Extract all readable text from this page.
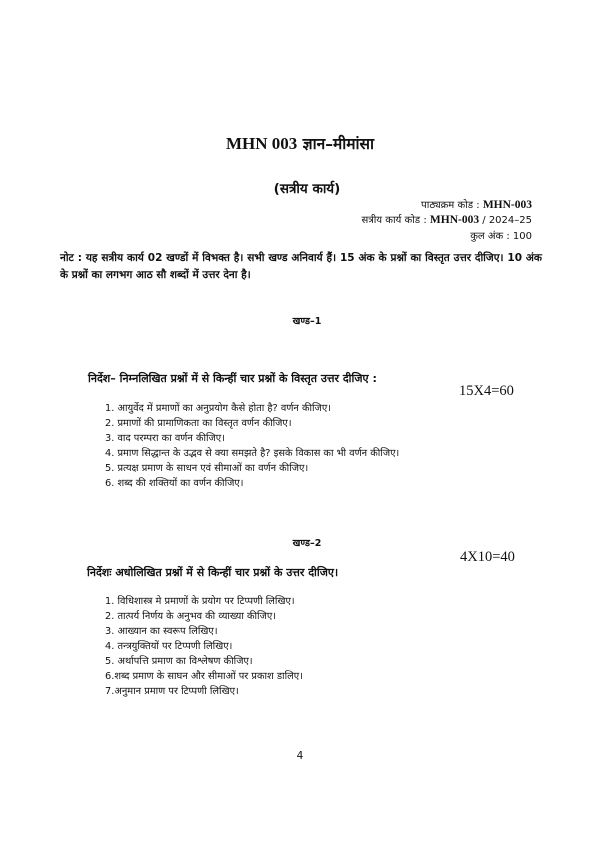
MHN 003 ज्ञान–मीमांसा
(सत्रीय कार्य)
पाठ्यक्रम कोड : MHN-003
सत्रीय कार्य कोड : MHN-003 / 2024–25
कुल अंक : 100
नोट : यह सत्रीय कार्य 02 खण्डों में विभक्त है। सभी खण्ड अनिवार्य हैं। 15 अंक के प्रश्नों का विस्तृत उत्तर दीजिए। 10 अंक के प्रश्नों का लगभग आठ सौ शब्दों में उत्तर देना है।
खण्ड–1
निर्देश– निम्नलिखित प्रश्नों में से किन्हीं चार प्रश्नों के विस्तृत उत्तर दीजिए :
15X4=60
1. आयुर्वेद में प्रमाणों का अनुप्रयोग कैसे होता है? वर्णन कीजिए।
2. प्रमाणों की प्रामाणिकता का विस्तृत वर्णन कीजिए।
3. वाद परम्परा का वर्णन कीजिए।
4. प्रमाण सिद्धान्त के उद्भव से क्या समझते है? इसके विकास का भी वर्णन कीजिए।
5. प्रत्यक्ष प्रमाण के साधन एवं सीमाओं का वर्णन कीजिए।
6. शब्द की शक्तियों का वर्णन कीजिए।
खण्ड–2
4X10=40
निर्देशः अधोलिखित प्रश्नों में से किन्हीं चार प्रश्नों के उत्तर दीजिए।
1. विधिशास्त्र मे प्रमाणों के प्रयोग पर टिप्पणी लिखिए।
2. तात्पर्य निर्णय के अनुभव की व्याख्या कीजिए।
3. आख्यान का स्वरूप लिखिए।
4. तन्त्रयुक्तियों पर टिप्पणी लिखिए।
5. अर्थापत्ति प्रमाण का विश्लेषण कीजिए।
6.शब्द प्रमाण के साघन और सीमाओं पर प्रकाश डालिए।
7.अनुमान प्रमाण पर टिप्पणी लिखिए।
4
